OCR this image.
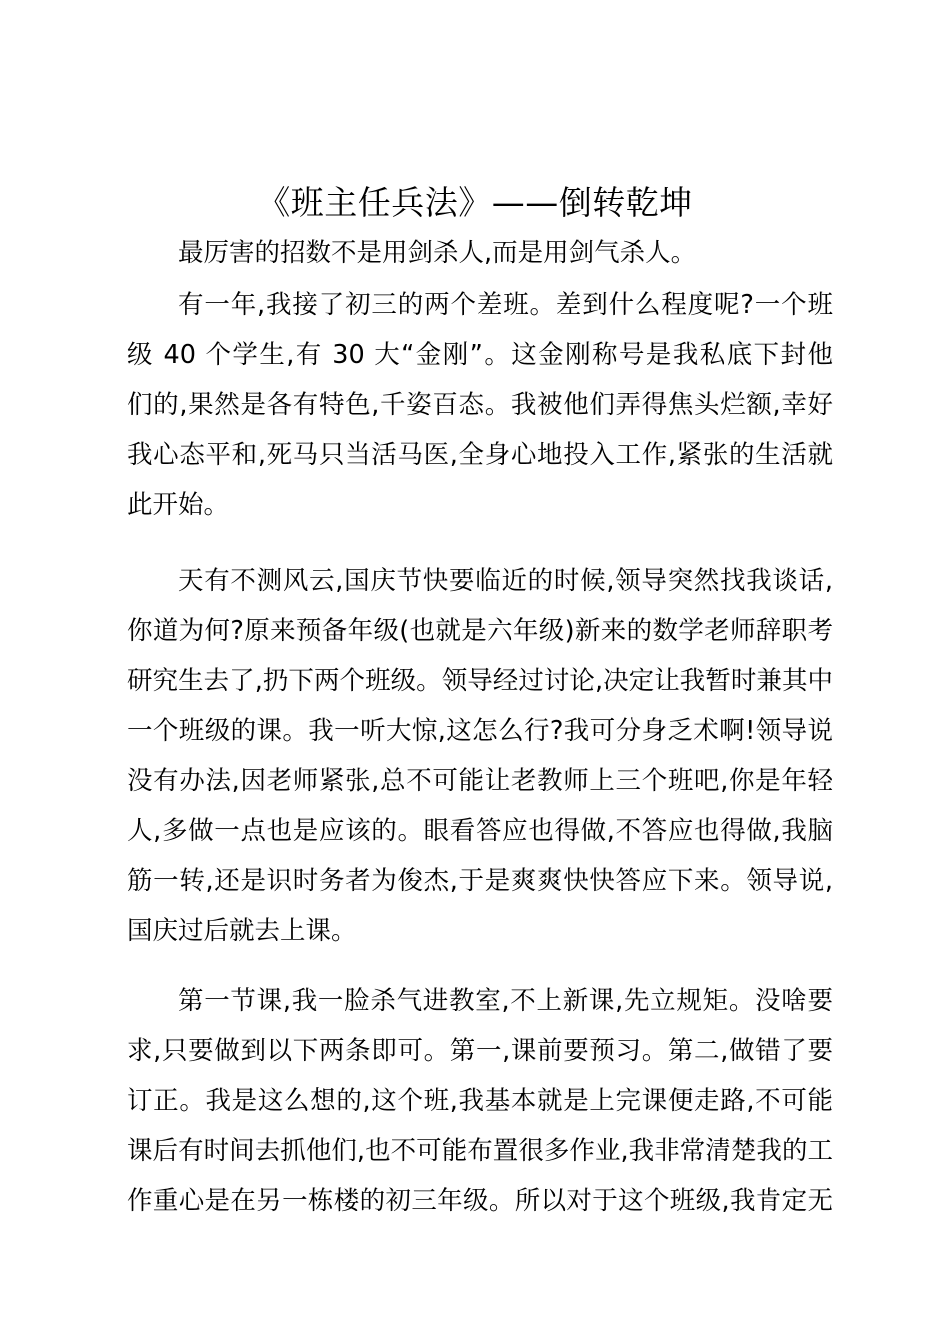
《班主任兵法》——倒转乾坤

最厉害的招数不是用剑杀人,而是用剑气杀人。

有一年,我接了初三的两个差班。差到什么程度呢?一个班

级 40 个学生,有 30 大“金刚”。这金刚称号是我私底下封他

们的,果然是各有特色,千姿百态。我被他们弄得焦头烂额,幸好

我心态平和,死马只当活马医,全身心地投入工作,紧张的生活就

此开始。

天有不测风云,国庆节快要临近的时候,领导突然找我谈话,

你道为何?原来预备年级(也就是六年级)新来的数学老师辞职考

研究生去了,扔下两个班级。领导经过讨论,决定让我暂时兼其中

一个班级的课。我一听大惊,这怎么行?我可分身乏术啊!领导说

没有办法,因老师紧张,总不可能让老教师上三个班吧,你是年轻

人,多做一点也是应该的。眼看答应也得做,不答应也得做,我脑

筋一转,还是识时务者为俊杰,于是爽爽快快答应下来。领导说,

国庆过后就去上课。

第一节课,我一脸杀气进教室,不上新课,先立规矩。没啥要

求,只要做到以下两条即可。第一,课前要预习。第二,做错了要

订正。我是这么想的,这个班,我基本就是上完课便走路,不可能

课后有时间去抓他们,也不可能布置很多作业,我非常清楚我的工

作重心是在另一栋楼的初三年级。所以对于这个班级,我肯定无
